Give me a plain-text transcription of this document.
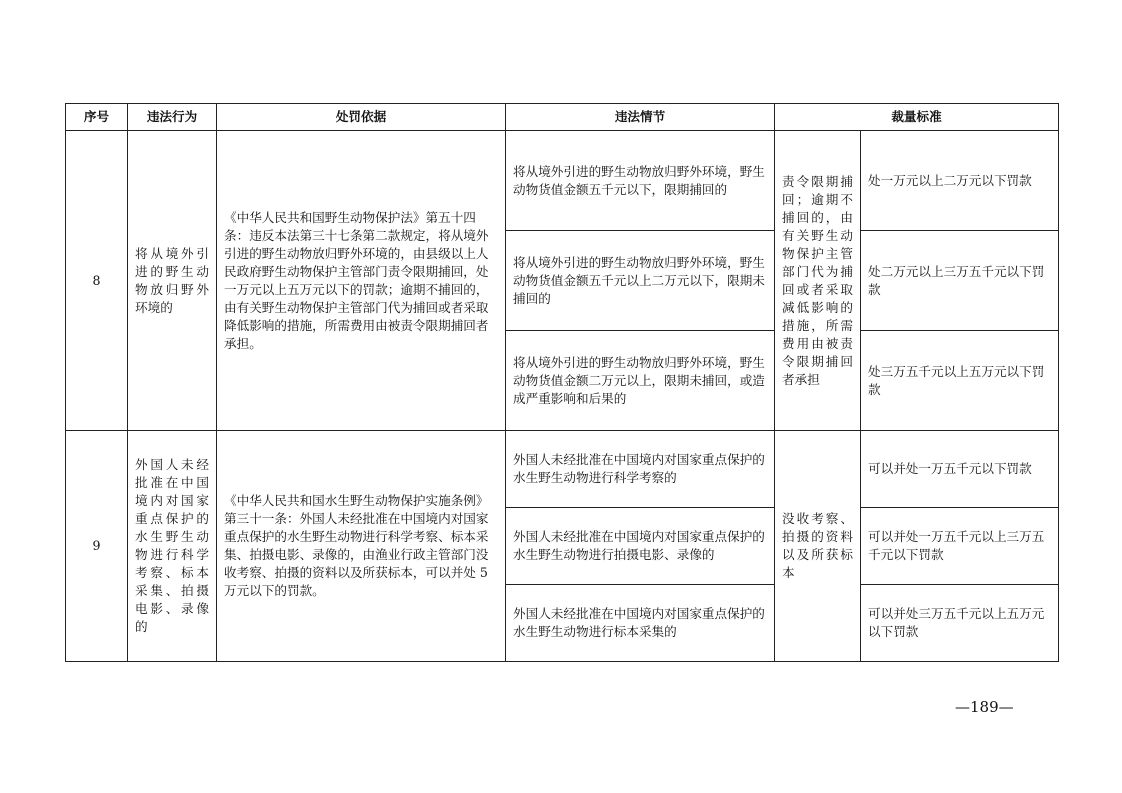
序号	违法行为	处罚依据	违法情节	裁量标准	
8	将从境外引进的野生动物放归野外环境的	《中华人民共和国野生动物保护法》第五十四条：违反本法第三十七条第二款规定，将从境外引进的野生动物放归野外环境的，由县级以上人民政府野生动物保护主管部门责令限期捕回，处一万元以上五万元以下的罚款；逾期不捕回的，由有关野生动物保护主管部门代为捕回或者采取降低影响的措施，所需费用由被责令限期捕回者承担。	将从境外引进的野生动物放归野外环境，野生动物货值金额五千元以下，限期捕回的	责令限期捕回；逾期不捕回的，由有关野生动物保护主管部门代为捕回或者采取减低影响的措施，所需费用由被责令限期捕回者承担	处一万元以上二万元以下罚款
			将从境外引进的野生动物放归野外环境，野生动物货值金额五千元以上二万元以下，限期未捕回的		处二万元以上三万五千元以下罚款
			将从境外引进的野生动物放归野外环境，野生动物货值金额二万元以上，限期未捕回，或造成严重影响和后果的		处三万五千元以上五万元以下罚款
9	外国人未经批准在中国境内对国家重点保护的水生野生动物进行科学考察、标本采集、拍摄电影、录像的	《中华人民共和国水生野生动物保护实施条例》第三十一条：外国人未经批准在中国境内对国家重点保护的水生野生动物进行科学考察、标本采集、拍摄电影、录像的，由渔业行政主管部门没收考察、拍摄的资料以及所获标本，可以并处 5 万元以下的罚款。	外国人未经批准在中国境内对国家重点保护的水生野生动物进行科学考察的	没收考察、拍摄的资料以及所获标本	可以并处一万五千元以下罚款
			外国人未经批准在中国境内对国家重点保护的水生野生动物进行拍摄电影、录像的		可以并处一万五千元以上三万五千元以下罚款
			外国人未经批准在中国境内对国家重点保护的水生野生动物进行标本采集的		可以并处三万五千元以上五万元以下罚款
—189—
